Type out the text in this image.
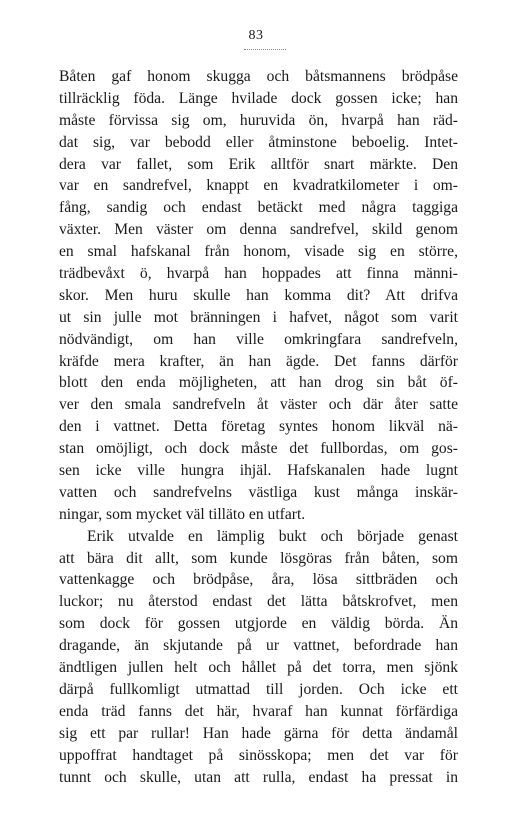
83
Båten gaf honom skugga och båtsmannens brödpåse
tillräcklig föda. Länge hvilade dock gossen icke; han
måste förvissa sig om, huruvida ön, hvarpå han räd-
dat sig, var bebodd eller åtminstone beboelig. Intet-
dera var fallet, som Erik alltför snart märkte. Den
var en sandrefvel, knappt en kvadratkilometer i om-
fång, sandig och endast betäckt med några taggiga
växter. Men väster om denna sandrefvel, skild genom
en smal hafskanal från honom, visade sig en större,
trädbevåxt ö, hvarpå han hoppades att finna männi-
skor. Men huru skulle han komma dit? Att drifva
ut sin julle mot bränningen i hafvet, något som varit
nödvändigt, om han ville omkringfara sandrefveln,
kräfde mera krafter, än han ägde. Det fanns därför
blott den enda möjligheten, att han drog sin båt öf-
ver den smala sandrefveln åt väster och där åter satte
den i vattnet. Detta företag syntes honom likväl nä-
stan omöjligt, och dock måste det fullbordas, om gos-
sen icke ville hungra ihjäl. Hafskanalen hade lugnt
vatten och sandrefvelns västliga kust många inskär-
ningar, som mycket väl tilläto en utfart.
Erik utvalde en lämplig bukt och började genast
att bära dit allt, som kunde lösgöras från båten, som
vattenkagge och brödpåse, åra, lösa sittbräden och
luckor; nu återstod endast det lätta båtskrofvet, men
som dock för gossen utgjorde en väldig börda. Än
dragande, än skjutande på ur vattnet, befordrade han
ändtligen jullen helt och hållet på det torra, men sjönk
därpå fullkomligt utmattad till jorden. Och icke ett
enda träd fanns det här, hvaraf han kunnat förfärdiga
sig ett par rullar! Han hade gärna för detta ändamål
uppoffrat handtaget på sinösskopa; men det var för
tunnt och skulle, utan att rulla, endast ha pressat in
